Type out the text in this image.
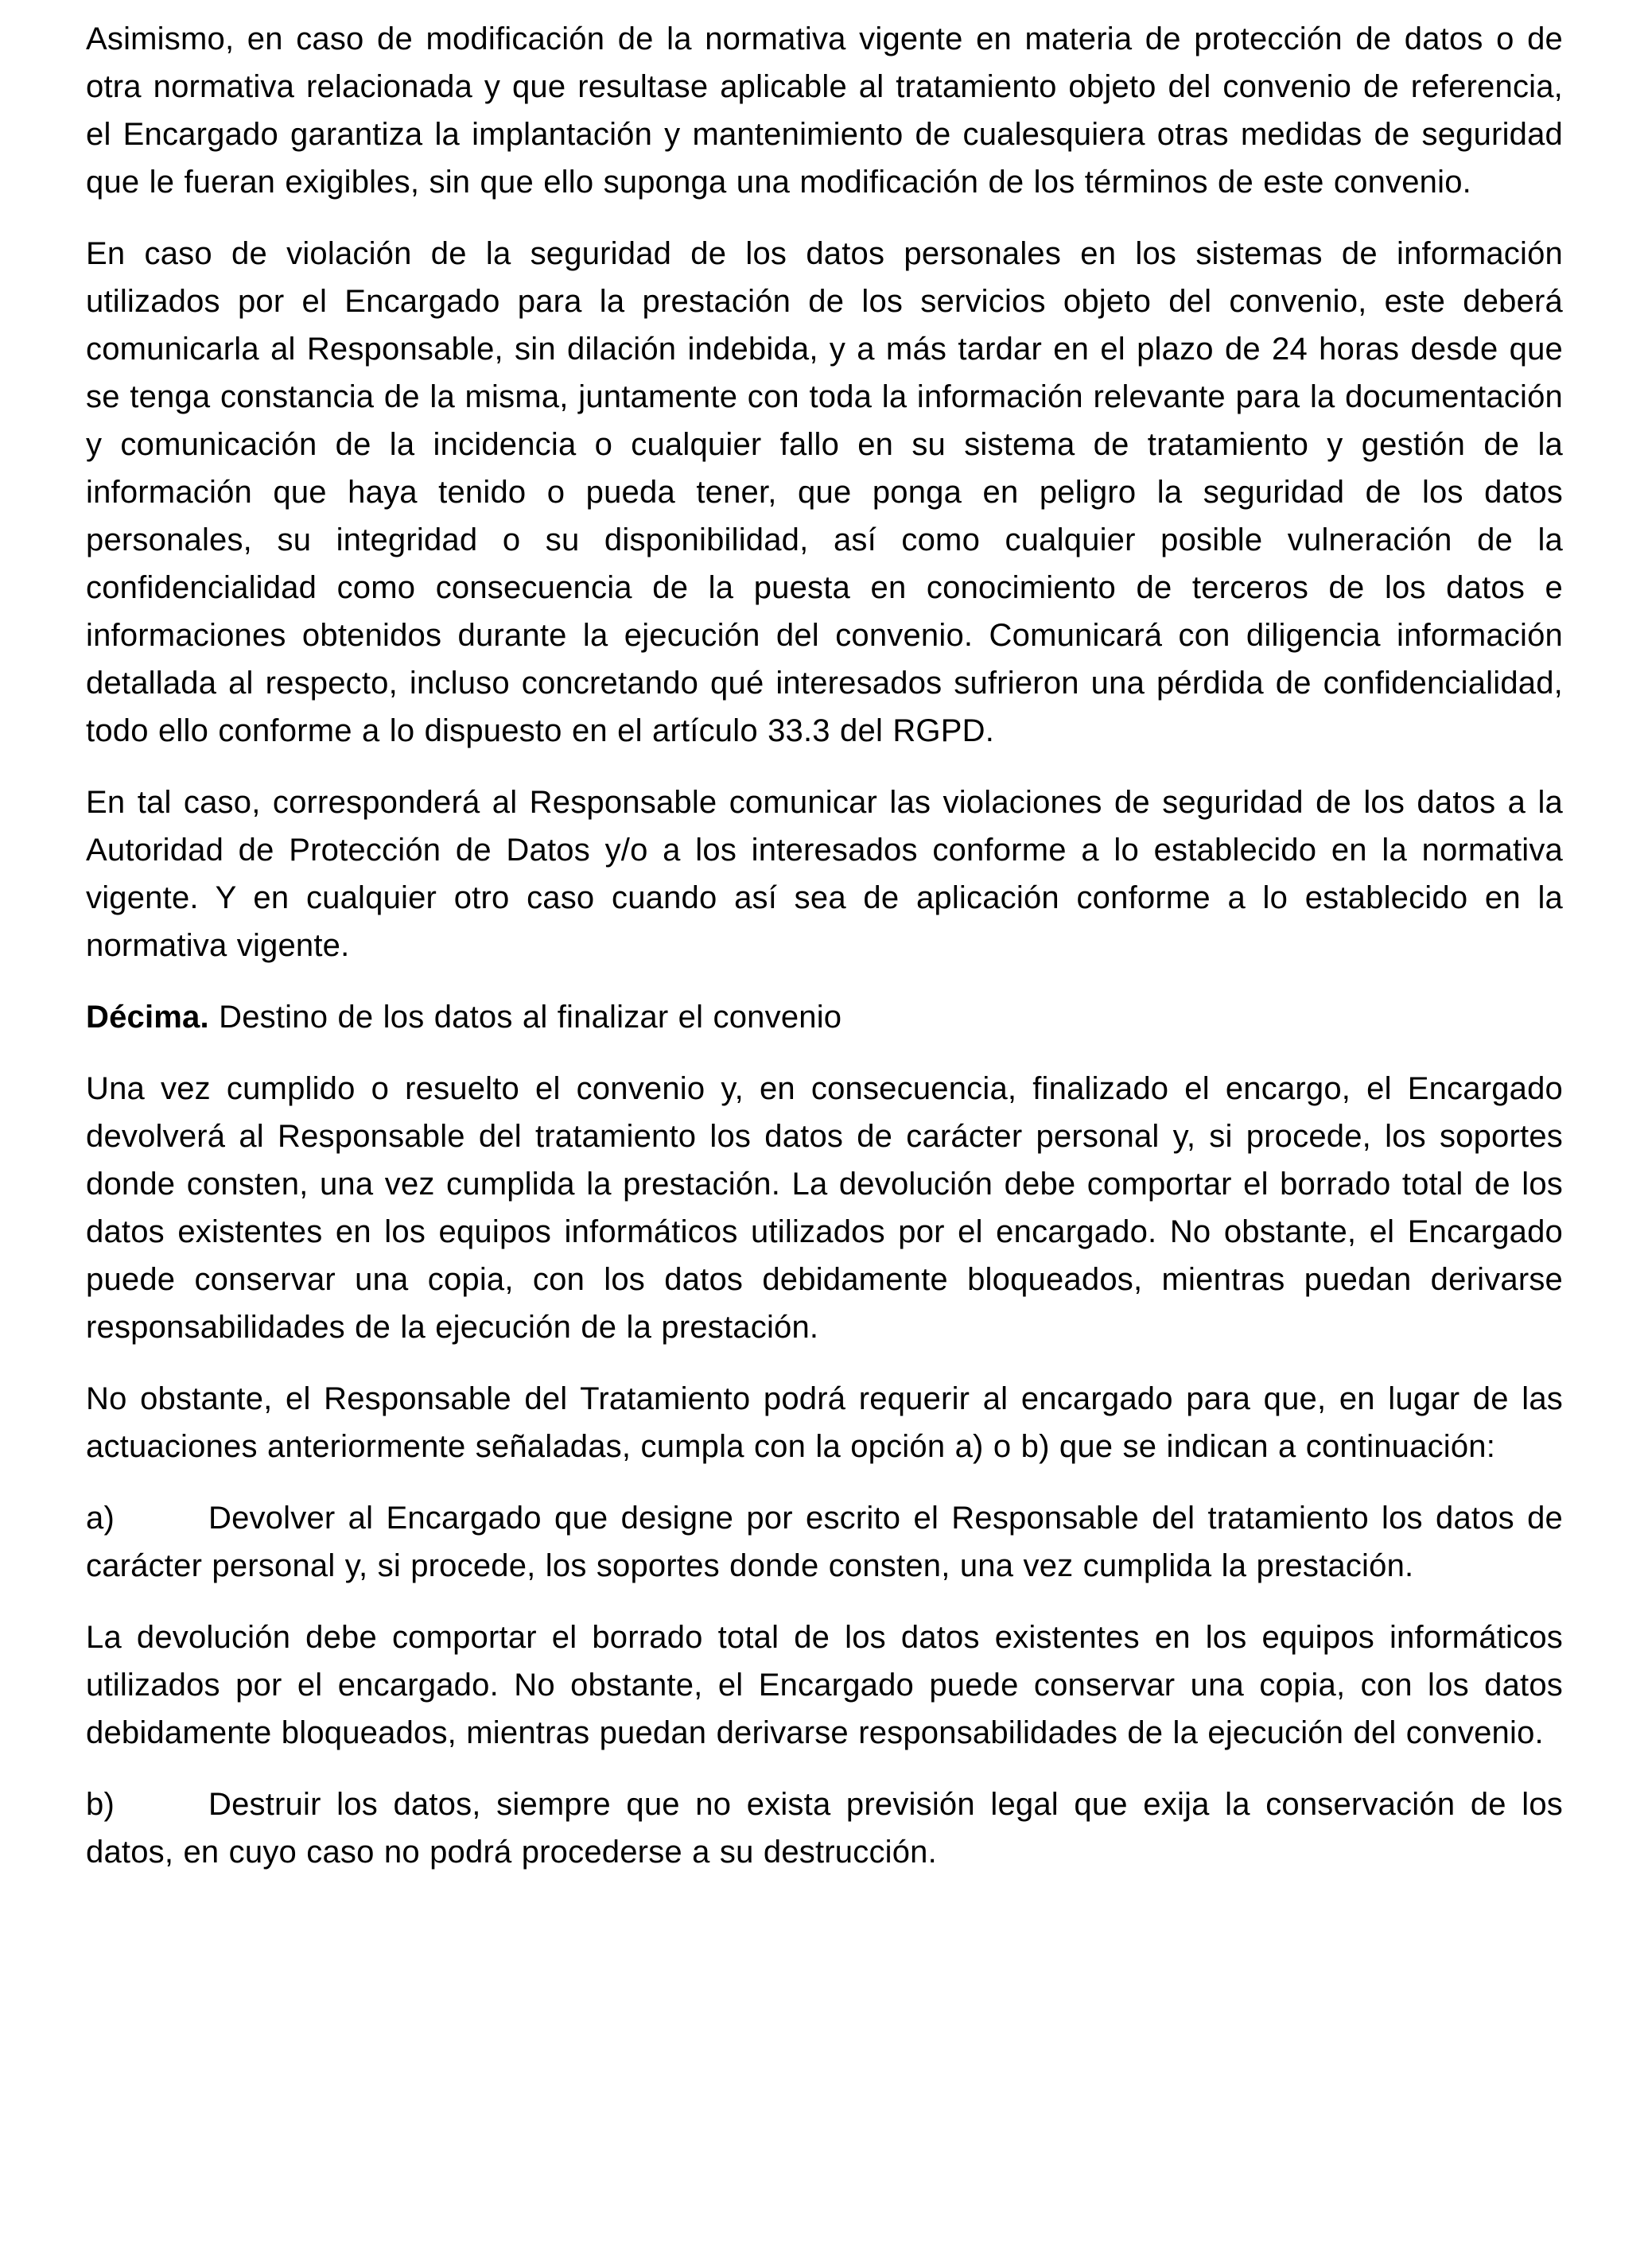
Asimismo, en caso de modificación de la normativa vigente en materia de protección de datos o de otra normativa relacionada y que resultase aplicable al tratamiento objeto del convenio de referencia, el Encargado garantiza la implantación y mantenimiento de cualesquiera otras medidas de seguridad que le fueran exigibles, sin que ello suponga una modificación de los términos de este convenio.

En caso de violación de la seguridad de los datos personales en los sistemas de información utilizados por el Encargado para la prestación de los servicios objeto del convenio, este deberá comunicarla al Responsable, sin dilación indebida, y a más tardar en el plazo de 24 horas desde que se tenga constancia de la misma, juntamente con toda la información relevante para la documentación y comunicación de la incidencia o cualquier fallo en su sistema de tratamiento y gestión de la información que haya tenido o pueda tener, que ponga en peligro la seguridad de los datos personales, su integridad o su disponibilidad, así como cualquier posible vulneración de la confidencialidad como consecuencia de la puesta en conocimiento de terceros de los datos e informaciones obtenidos durante la ejecución del convenio. Comunicará con diligencia información detallada al respecto, incluso concretando qué interesados sufrieron una pérdida de confidencialidad, todo ello conforme a lo dispuesto en el artículo 33.3 del RGPD.

En tal caso, corresponderá al Responsable comunicar las violaciones de seguridad de los datos a la Autoridad de Protección de Datos y/o a los interesados conforme a lo establecido en la normativa vigente. Y en cualquier otro caso cuando así sea de aplicación conforme a lo establecido en la normativa vigente.

Décima. Destino de los datos al finalizar el convenio

Una vez cumplido o resuelto el convenio y, en consecuencia, finalizado el encargo, el Encargado devolverá al Responsable del tratamiento los datos de carácter personal y, si procede, los soportes donde consten, una vez cumplida la prestación. La devolución debe comportar el borrado total de los datos existentes en los equipos informáticos utilizados por el encargado. No obstante, el Encargado puede conservar una copia, con los datos debidamente bloqueados, mientras puedan derivarse responsabilidades de la ejecución de la prestación.

No obstante, el Responsable del Tratamiento podrá requerir al encargado para que, en lugar de las actuaciones anteriormente señaladas, cumpla con la opción a) o b) que se indican a continuación:

a)	Devolver al Encargado que designe por escrito el Responsable del tratamiento los datos de carácter personal y, si procede, los soportes donde consten, una vez cumplida la prestación.

La devolución debe comportar el borrado total de los datos existentes en los equipos informáticos utilizados por el encargado. No obstante, el Encargado puede conservar una copia, con los datos debidamente bloqueados, mientras puedan derivarse responsabilidades de la ejecución del convenio.

b)	Destruir los datos, siempre que no exista previsión legal que exija la conservación de los datos, en cuyo caso no podrá procederse a su destrucción.
